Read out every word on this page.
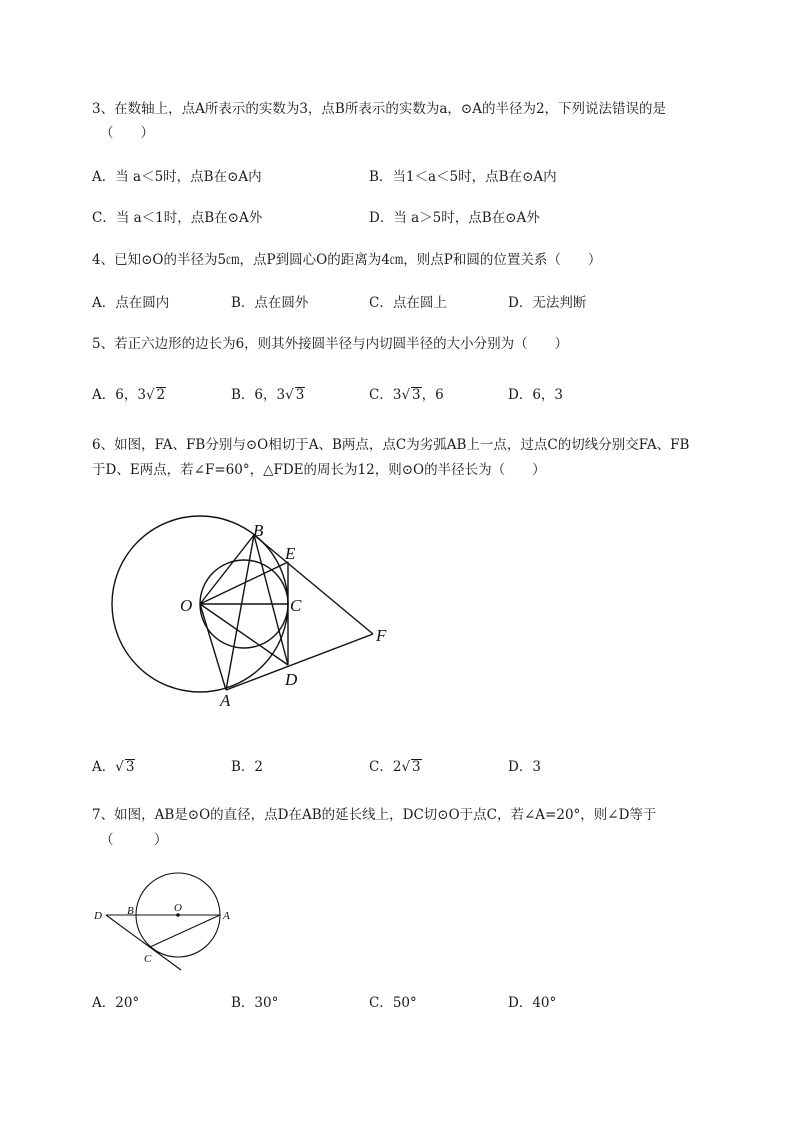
3、在数轴上，点A所表示的实数为3，点B所表示的实数为a，⊙A的半径为2，下列说法错误的是
（　　）
A．当 a＜5时，点B在⊙A内	B．当1＜a＜5时，点B在⊙A内
C．当 a＜1时，点B在⊙A外	D．当 a＞5时，点B在⊙A外
4、已知⊙O的半径为5㎝，点P到圆心O的距离为4㎝，则点P和圆的位置关系（　　）
A．点在圆内	B．点在圆外	C．点在圆上	D．无法判断
5、若正六边形的边长为6，则其外接圆半径与内切圆半径的大小分别为（　　）
A．6，3√ 2	B．6，3√ 3	C．3√ 3，6	D．6，3
6、如图，FA、FB分别与⊙O相切于A、B两点，点C为劣弧AB上一点，过点C的切线分别交FA、FB
于D、E两点，若∠F=60°，△FDE的周长为12，则⊙O的半径长为（　　）
B
E
O	C
F
D
A
A．√ 3	B．2	C．2√ 3	D．3
7、如图，AB是⊙O的直径，点D在AB的延长线上，DC切⊙O于点C，若∠A=20°，则∠D等于
（　　　）
D B	O
A
C
A．20°	B．30°	C．50°	D．40°
